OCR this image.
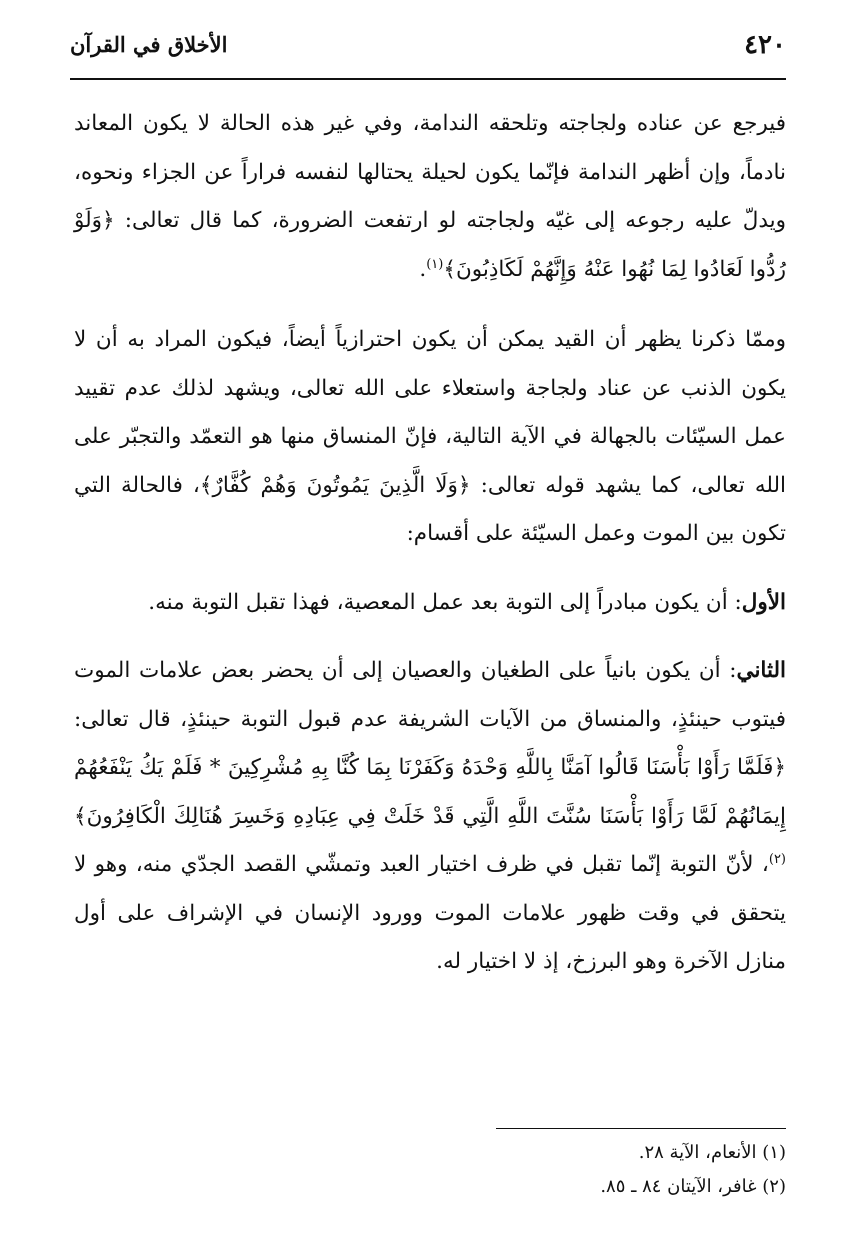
٤٢٠
الأخلاق في القرآن

فيرجع عن عناده ولجاجته وتلحقه الندامة، وفي غير هذه الحالة لا يكون المعاند نادماً، وإن أظهر الندامة فإنّما يكون لحيلة يحتالها لنفسه فراراً عن الجزاء ونحوه، ويدلّ عليه رجوعه إلى غيّه ولجاجته لو ارتفعت الضرورة، كما قال تعالى: ﴿وَلَوْ رُدُّوا لَعَادُوا لِمَا نُهُوا عَنْهُ وَإِنَّهُمْ لَكَاذِبُونَ﴾$^{(١)}$.

وممّا ذكرنا يظهر أن القيد يمكن أن يكون احترازياً أيضاً، فيكون المراد به أن لا يكون الذنب عن عناد ولجاجة واستعلاء على الله تعالى، ويشهد لذلك عدم تقييد عمل السيّئات بالجهالة في الآية التالية، فإنّ المنساق منها هو التعمّد والتجبّر على الله تعالى، كما يشهد قوله تعالى: ﴿وَلَا الَّذِينَ يَمُوتُونَ وَهُمْ كُفَّارٌ﴾، فالحالة التي تكون بين الموت وعمل السيّئة على أقسام:

الأول: أن يكون مبادراً إلى التوبة بعد عمل المعصية، فهذا تقبل التوبة منه.

الثاني: أن يكون بانياً على الطغيان والعصيان إلى أن يحضر بعض علامات الموت فيتوب حينئذٍ، والمنساق من الآيات الشريفة عدم قبول التوبة حينئذٍ، قال تعالى: ﴿فَلَمَّا رَأَوْا بَأْسَنَا قَالُوا آمَنَّا بِاللَّهِ وَحْدَهُ وَكَفَرْنَا بِمَا كُنَّا بِهِ مُشْرِكِينَ * فَلَمْ يَكُ يَنْفَعُهُمْ إِيمَانُهُمْ لَمَّا رَأَوْا بَأْسَنَا سُنَّتَ اللَّهِ الَّتِي قَدْ خَلَتْ فِي عِبَادِهِ وَخَسِرَ هُنَالِكَ الْكَافِرُونَ﴾$^{(٢)}$، لأنّ التوبة إنّما تقبل في ظرف اختيار العبد وتمشّي القصد الجدّي منه، وهو لا يتحقق في وقت ظهور علامات الموت وورود الإنسان في الإشراف على أول منازل الآخرة وهو البرزخ، إذ لا اختيار له.

(١) الأنعام، الآية ٢٨.
(٢) غافر، الآيتان ٨٤ ـ ٨٥.
